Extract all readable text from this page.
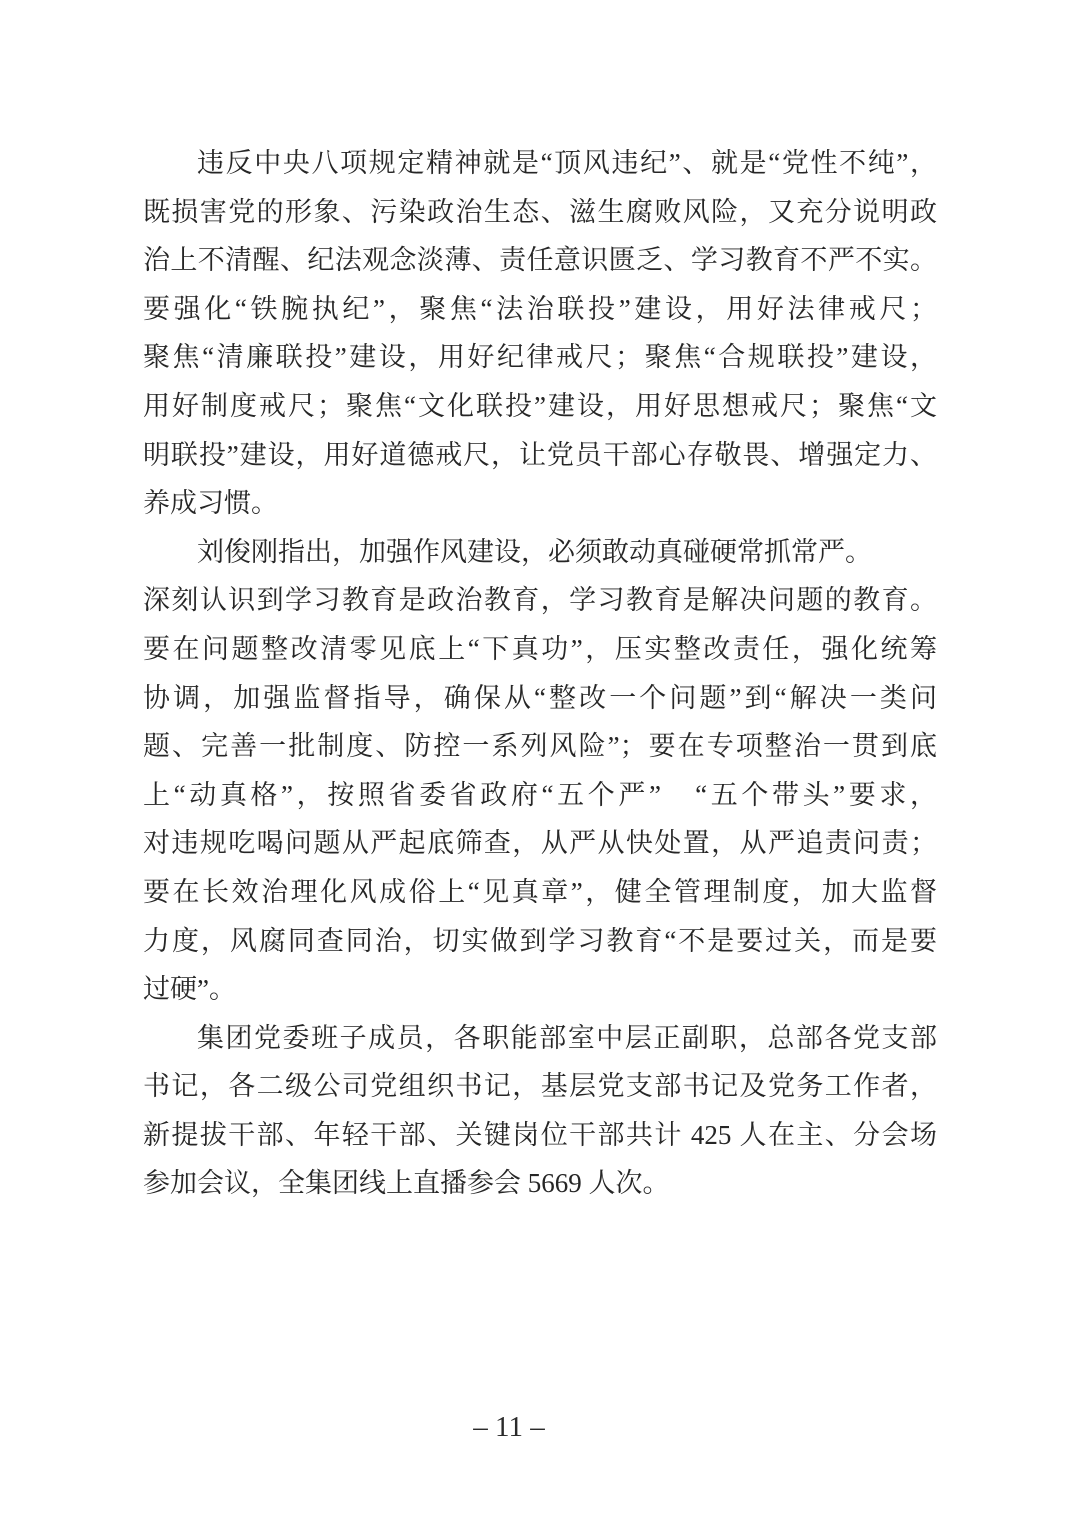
违反中央八项规定精神就是“顶风违纪”、就是“党性不纯”，
既损害党的形象、污染政治生态、滋生腐败风险，又充分说明政
治上不清醒、纪法观念淡薄、责任意识匮乏、学习教育不严不实。
要强化“铁腕执纪”，聚焦“法治联投”建设，用好法律戒尺；
聚焦“清廉联投”建设，用好纪律戒尺；聚焦“合规联投”建设，
用好制度戒尺；聚焦“文化联投”建设，用好思想戒尺；聚焦“文
明联投”建设，用好道德戒尺，让党员干部心存敬畏、增强定力、
养成习惯。
刘俊刚指出，加强作风建设，必须敢动真碰硬常抓常严。
深刻认识到学习教育是政治教育，学习教育是解决问题的教育。
要在问题整改清零见底上“下真功”，压实整改责任，强化统筹
协调，加强监督指导，确保从“整改一个问题”到“解决一类问
题、完善一批制度、防控一系列风险”；要在专项整治一贯到底
上“动真格”，按照省委省政府“五个严”　“五个带头”要求，
对违规吃喝问题从严起底筛查，从严从快处置，从严追责问责；
要在长效治理化风成俗上“见真章”，健全管理制度，加大监督
力度，风腐同查同治，切实做到学习教育“不是要过关，而是要
过硬”。
集团党委班子成员，各职能部室中层正副职，总部各党支部
书记，各二级公司党组织书记，基层党支部书记及党务工作者，
新提拔干部、年轻干部、关键岗位干部共计 425 人在主、分会场
参加会议，全集团线上直播参会 5669 人次。
– 11 –
